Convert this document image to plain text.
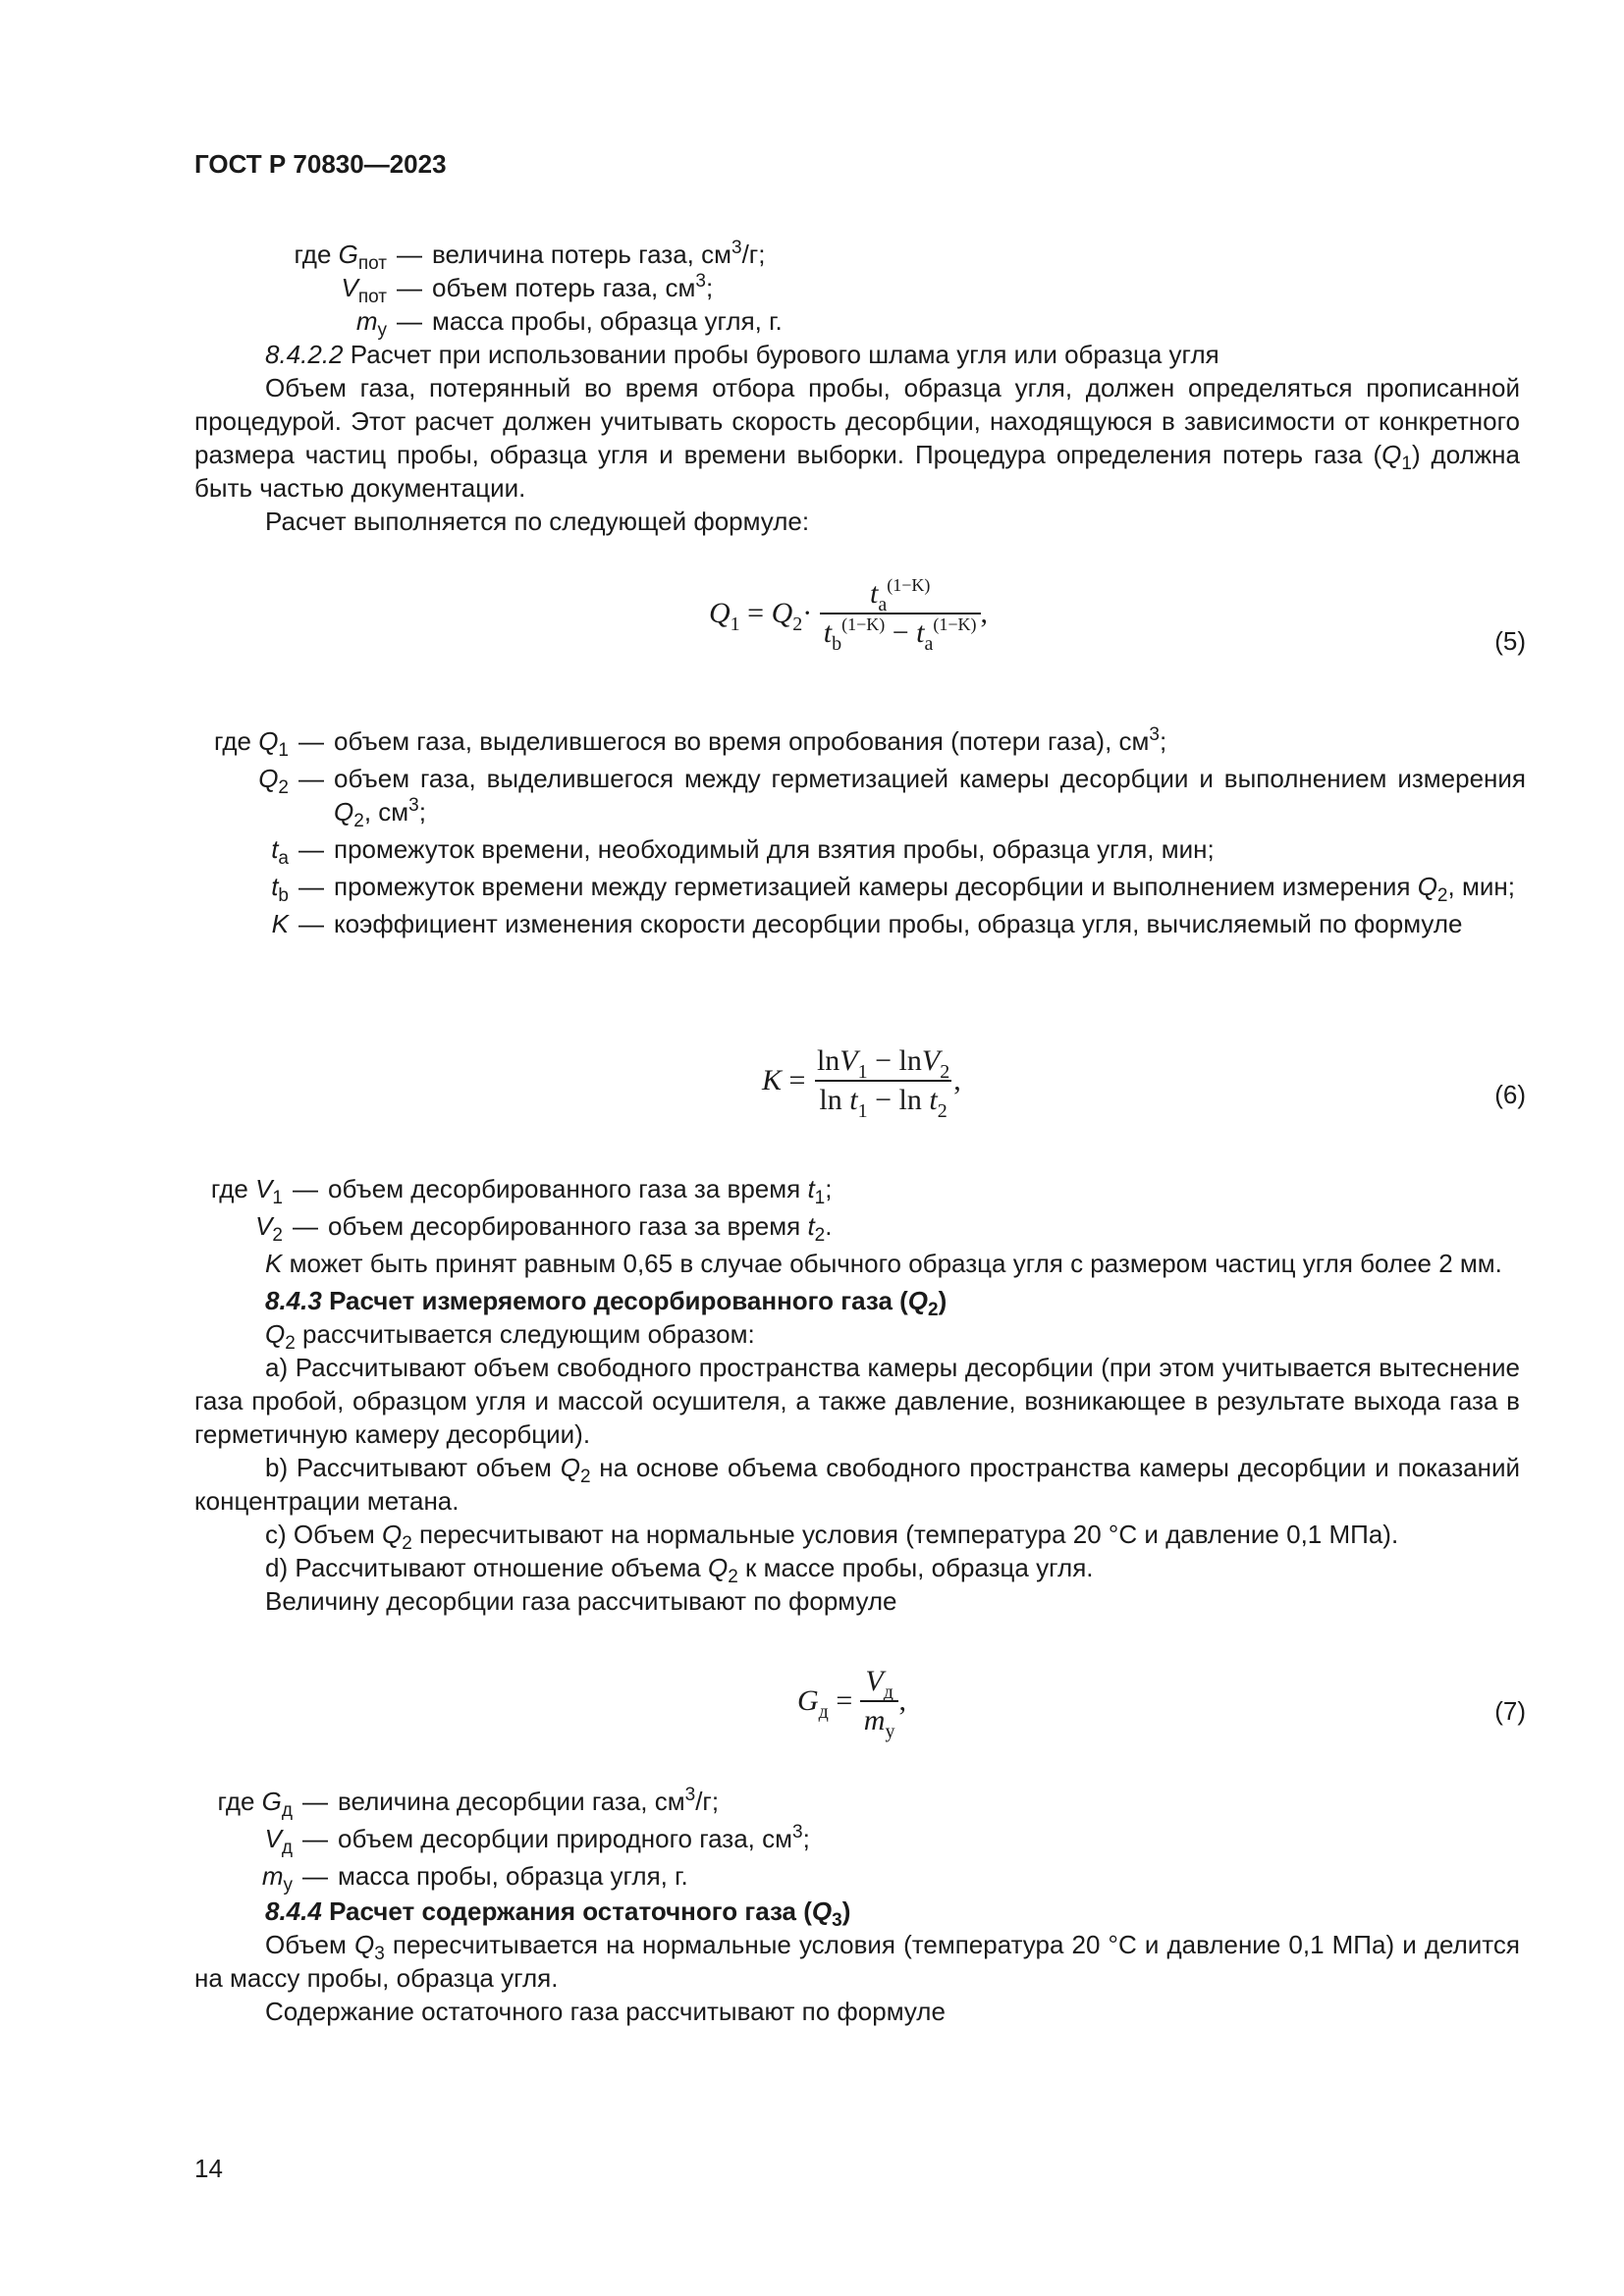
ГОСТ Р 70830—2023
где $G_{пот}$ — величина потерь газа, $см^3/г$;
$V_{пот}$ — объем потерь газа, $см^3$;
$m_у$ — масса пробы, образца угля, г.

8.4.2.2 Расчет при использовании пробы бурового шлама угля или образца угля

Объем газа, потерянный во время отбора пробы, образца угля, должен определяться прописанной процедурой. Этот расчет должен учитывать скорость десорбции, находящуюся в зависимости от конкретного размера частиц пробы, образца угля и времени выборки. Процедура определения потерь газа $(Q_1)$ должна быть частью документации.

Расчет выполняется по следующей формуле:

$Q_1 = Q_2\cdot \frac{t_a^{(1-K)}}{t_b^{(1-K)} - t_a^{(1-K)}}$ ,
(5)
где $Q_1$ — объем газа, выделившегося во время опробования (потери газа), $см^3$;
$Q_2$ — объем газа, выделившегося между герметизацией камеры десорбции и выполнением измерения $Q_2$, $см^3$;
$t_a$ — промежуток времени, необходимый для взятия пробы, образца угля, мин;
$t_b$ — промежуток времени между герметизацией камеры десорбции и выполнением измерения $Q_2$, мин;
K — коэффициент изменения скорости десорбции пробы, образца угля, вычисляемый по формуле
$K = \frac{\ln V_1 - \ln V_2}{\ln t_1 - \ln t_2}$ ,	(6)
где $V_1$ — объем десорбированного газа за время $t_1$;
$V_2$ — объем десорбированного газа за время $t_2$.

K может быть принят равным 0,65 в случае обычного образца угля с размером частиц угля более 2 мм.

8.4.3 Расчет измеряемого десорбированного газа $(Q_2)$

$Q_2$ рассчитывается следующим образом:

a) Рассчитывают объем свободного пространства камеры десорбции (при этом учитывается вытеснение газа пробой, образцом угля и массой осушителя, а также давление, возникающее в результате выхода газа в герметичную камеру десорбции).

b) Рассчитывают объем $Q_2$ на основе объема свободного пространства камеры десорбции и показаний концентрации метана.

c) Объем $Q_2$ пересчитывают на нормальные условия (температура 20 °C и давление 0,1 МПа).

d) Рассчитывают отношение объема $Q_2$ к массе пробы, образца угля.

Величину десорбции газа рассчитывают по формуле

$G_д = \frac{V_д}{m_у}$ ,	(7)
где $G_д$ — величина десорбции газа, $см^3/г$;
$V_д$ — объем десорбции природного газа, $см^3$;
$m_у$ — масса пробы, образца угля, г.

8.4.4 Расчет содержания остаточного газа $(Q_3)$

Объем $Q_3$ пересчитывается на нормальные условия (температура 20 °C и давление 0,1 МПа) и делится на массу пробы, образца угля.

Содержание остаточного газа рассчитывают по формуле

14
